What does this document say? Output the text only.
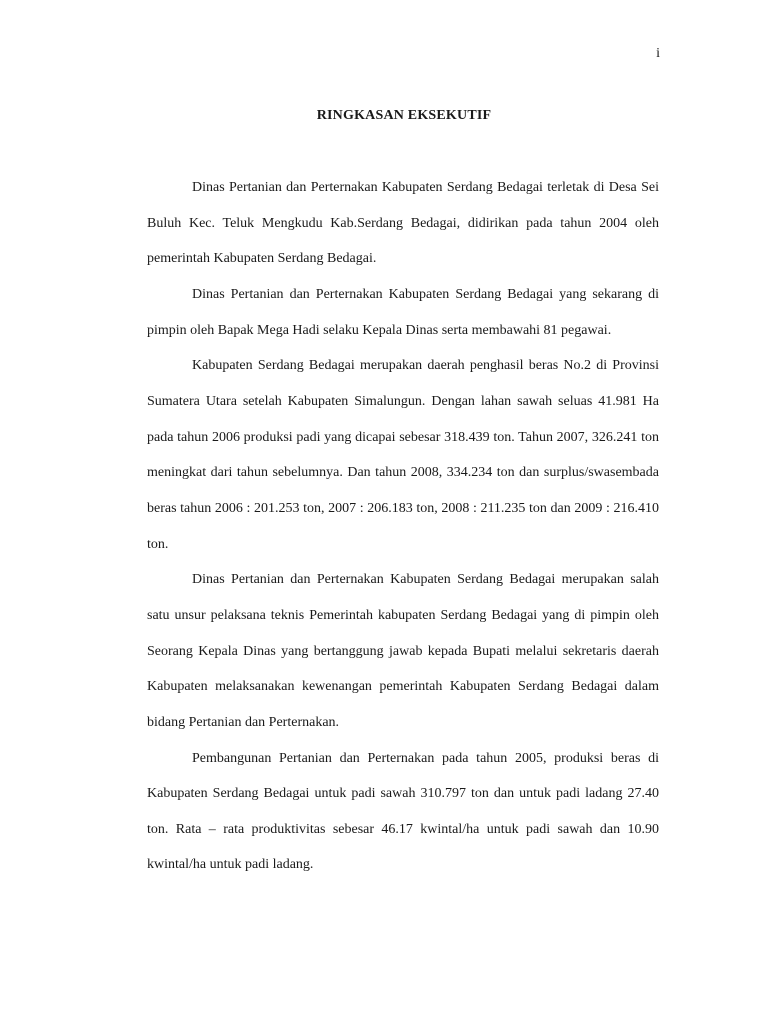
i
RINGKASAN EKSEKUTIF

Dinas Pertanian dan Perternakan Kabupaten Serdang Bedagai terletak di Desa Sei Buluh Kec. Teluk Mengkudu Kab.Serdang Bedagai, didirikan pada tahun 2004 oleh pemerintah Kabupaten Serdang Bedagai.

Dinas Pertanian dan Perternakan Kabupaten Serdang Bedagai yang sekarang di pimpin oleh Bapak Mega Hadi selaku Kepala Dinas serta membawahi 81 pegawai.

Kabupaten Serdang Bedagai merupakan daerah penghasil beras No.2 di Provinsi Sumatera Utara setelah Kabupaten Simalungun. Dengan lahan sawah seluas 41.981 Ha pada tahun 2006 produksi padi yang dicapai sebesar 318.439 ton. Tahun 2007, 326.241 ton meningkat dari tahun sebelumnya. Dan tahun 2008, 334.234 ton dan surplus/swasembada beras tahun 2006 : 201.253 ton, 2007 : 206.183 ton, 2008 : 211.235 ton dan 2009 : 216.410 ton.

Dinas Pertanian dan Perternakan Kabupaten Serdang Bedagai merupakan salah satu unsur pelaksana teknis Pemerintah kabupaten Serdang Bedagai yang di pimpin oleh Seorang Kepala Dinas yang bertanggung jawab kepada Bupati melalui sekretaris daerah Kabupaten melaksanakan kewenangan pemerintah Kabupaten Serdang Bedagai dalam bidang Pertanian dan Perternakan.

Pembangunan Pertanian dan Perternakan pada tahun 2005, produksi beras di Kabupaten Serdang Bedagai untuk padi sawah 310.797 ton dan untuk padi ladang 27.40 ton. Rata – rata produktivitas sebesar 46.17 kwintal/ha untuk padi sawah dan 10.90 kwintal/ha untuk padi ladang.
